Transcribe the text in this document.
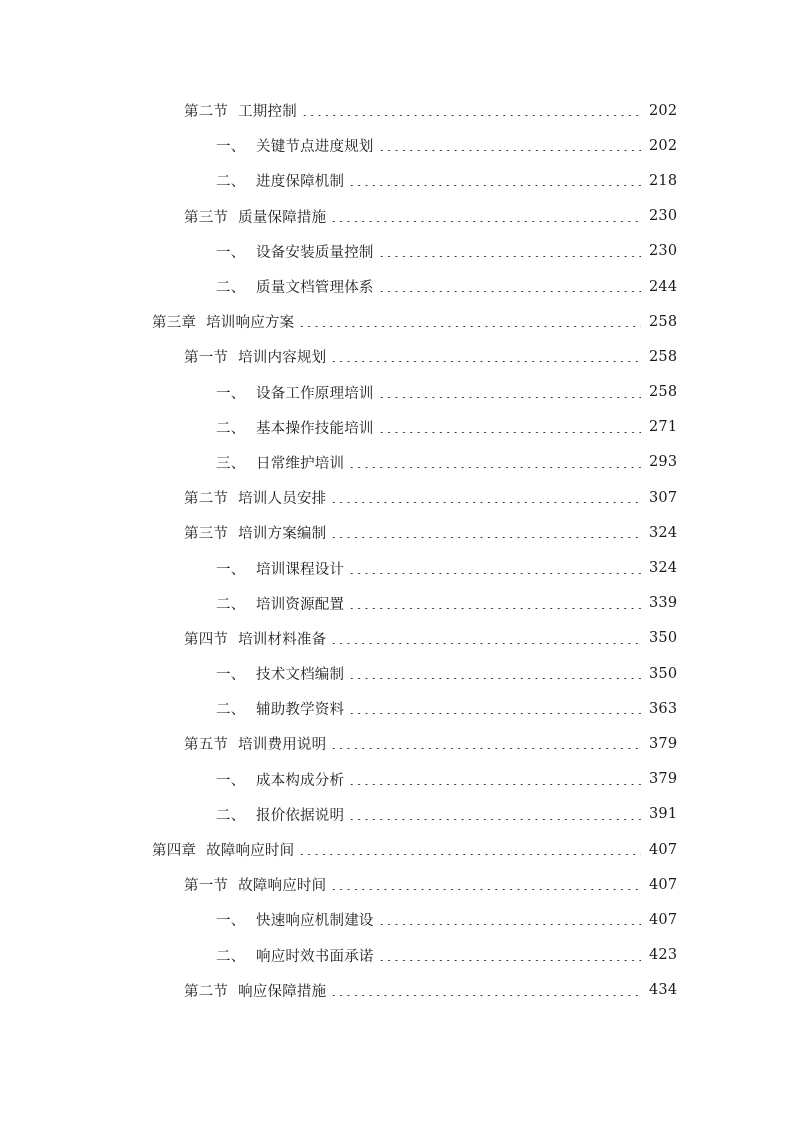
第二节 工期控制	202
一、 关键节点进度规划	202
二、 进度保障机制	218
第三节 质量保障措施	230
一、 设备安装质量控制	230
二、 质量文档管理体系	244
第三章 培训响应方案	258
第一节 培训内容规划	258
一、 设备工作原理培训	258
二、 基本操作技能培训	271
三、 日常维护培训	293
第二节 培训人员安排	307
第三节 培训方案编制	324
一、 培训课程设计	324
二、 培训资源配置	339
第四节 培训材料准备	350
一、 技术文档编制	350
二、 辅助教学资料	363
第五节 培训费用说明	379
一、 成本构成分析	379
二、 报价依据说明	391
第四章 故障响应时间	407
第一节 故障响应时间	407
一、 快速响应机制建设	407
二、 响应时效书面承诺	423
第二节 响应保障措施	434
